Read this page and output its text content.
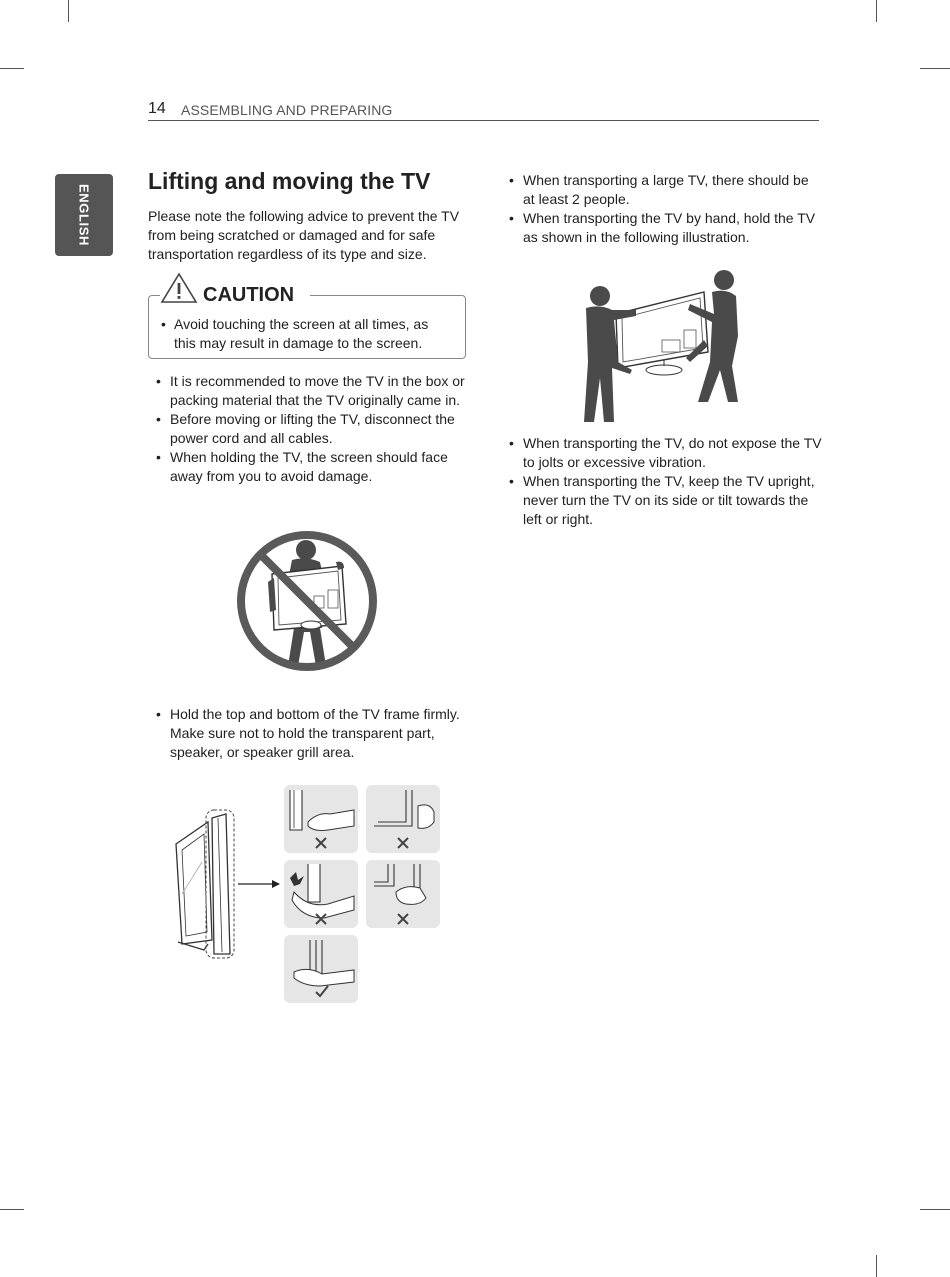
14 ASSEMBLING AND PREPARING
ENGLISH
Lifting and moving the TV

Please note the following advice to prevent the TV from being scratched or damaged and for safe transportation regardless of its type and size.

CAUTION
• Avoid touching the screen at all times, as this may result in damage to the screen.
• It is recommended to move the TV in the box or packing material that the TV originally came in.
• Before moving or lifting the TV, disconnect the power cord and all cables.
• When holding the TV, the screen should face away from you to avoid damage.
• Hold the top and bottom of the TV frame firmly. Make sure not to hold the transparent part, speaker, or speaker grill area.
• When transporting a large TV, there should be at least 2 people.
• When transporting the TV by hand, hold the TV as shown in the following illustration.
• When transporting the TV, do not expose the TV to jolts or excessive vibration.
• When transporting the TV, keep the TV upright, never turn the TV on its side or tilt towards the left or right.
